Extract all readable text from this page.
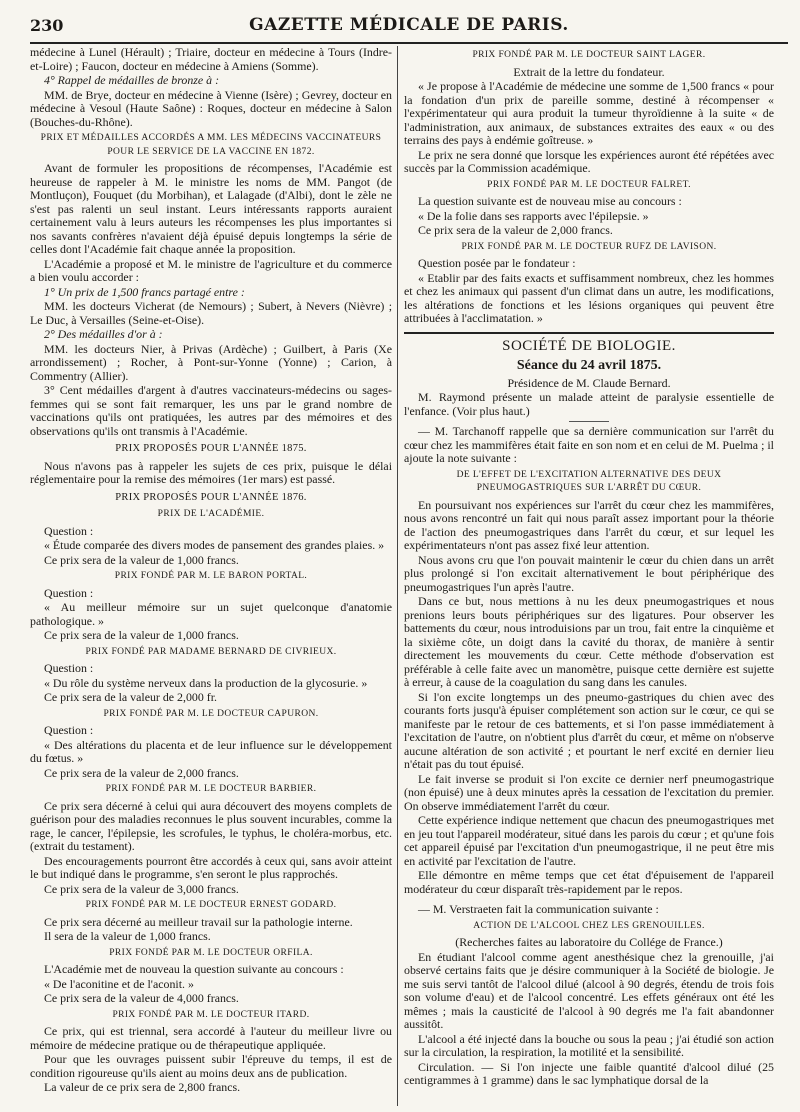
230	GAZETTE MÉDICALE DE PARIS.

médecine à Lunel (Hérault) ; Triaire, docteur en médecine à Tours (Indre-et-Loire) ; Faucon, docteur en médecine à Amiens (Somme).

4° Rappel de médailles de bronze à :

MM. de Brye, docteur en médecine à Vienne (Isère) ; Gevrey, docteur en médecine à Vesoul (Haute Saône) : Roques, docteur en médecine à Salon (Bouches-du-Rhône).

PRIX ET MÉDAILLES ACCORDÉS A MM. LES MÉDECINS VACCINATEURS POUR LE SERVICE DE LA VACCINE EN 1872.

Avant de formuler les propositions de récompenses, l'Académie est heureuse de rappeler à M. le ministre les noms de MM. Pangot (de Montluçon), Fouquet (du Morbihan), et Lalagade (d'Albi), dont le zèle ne s'est pas ralenti un seul instant. Leurs intéressants rapports auraient certainement valu à leurs auteurs les récompenses les plus importantes si nos savants confrères n'avaient déjà épuisé depuis longtemps la série de celles dont l'Académie fait chaque année la proposition.

L'Académie a proposé et M. le ministre de l'agriculture et du commerce a bien voulu accorder :

1° Un prix de 1,500 francs partagé entre :

MM. les docteurs Vicherat (de Nemours) ; Subert, à Nevers (Nièvre) ; Le Duc, à Versailles (Seine-et-Oise).

2° Des médailles d'or à :

MM. les docteurs Nier, à Privas (Ardèche) ; Guilbert, à Paris (Xe arrondissement) ; Rocher, à Pont-sur-Yonne (Yonne) ; Carion, à Commentry (Allier).

3° Cent médailles d'argent à d'autres vaccinateurs-médecins ou sages-femmes qui se sont fait remarquer, les uns par le grand nombre de vaccinations qu'ils ont pratiquées, les autres par des mémoires et des observations qu'ils ont transmis à l'Académie.

PRIX PROPOSÉS POUR L'ANNÉE 1875.

Nous n'avons pas à rappeler les sujets de ces prix, puisque le délai réglementaire pour la remise des mémoires (1er mars) est passé.

PRIX PROPOSÉS POUR L'ANNÉE 1876.

PRIX DE L'ACADÉMIE.

Question :

« Étude comparée des divers modes de pansement des grandes plaies. »

Ce prix sera de la valeur de 1,000 francs.

PRIX FONDÉ PAR M. LE BARON PORTAL.

Question :

« Au meilleur mémoire sur un sujet quelconque d'anatomie pathologique. »

Ce prix sera de la valeur de 1,000 francs.

PRIX FONDÉ PAR MADAME BERNARD DE CIVRIEUX.

Question :

« Du rôle du système nerveux dans la production de la glycosurie. »

Ce prix sera de la valeur de 2,000 fr.

PRIX FONDÉ PAR M. LE DOCTEUR CAPURON.

Question :

« Des altérations du placenta et de leur influence sur le développement du fœtus. »

Ce prix sera de la valeur de 2,000 francs.

PRIX FONDÉ PAR M. LE DOCTEUR BARBIER.

Ce prix sera décerné à celui qui aura découvert des moyens complets de guérison pour des maladies reconnues le plus souvent incurables, comme la rage, le cancer, l'épilepsie, les scrofules, le typhus, le choléra-morbus, etc. (extrait du testament).

Des encouragements pourront être accordés à ceux qui, sans avoir atteint le but indiqué dans le programme, s'en seront le plus rapprochés.

Ce prix sera de la valeur de 3,000 francs.

PRIX FONDÉ PAR M. LE DOCTEUR ERNEST GODARD.

Ce prix sera décerné au meilleur travail sur la pathologie interne.

Il sera de la valeur de 1,000 francs.

PRIX FONDÉ PAR M. LE DOCTEUR ORFILA.

L'Académie met de nouveau la question suivante au concours :

« De l'aconitine et de l'aconit. »

Ce prix sera de la valeur de 4,000 francs.

PRIX FONDÉ PAR M. LE DOCTEUR ITARD.

Ce prix, qui est triennal, sera accordé à l'auteur du meilleur livre ou mémoire de médecine pratique ou de thérapeutique appliquée.

Pour que les ouvrages puissent subir l'épreuve du temps, il est de condition rigoureuse qu'ils aient au moins deux ans de publication.

La valeur de ce prix sera de 2,800 francs.

PRIX FONDÉ PAR M. LE DOCTEUR SAINT LAGER.

Extrait de la lettre du fondateur.

« Je propose à l'Académie de médecine une somme de 1,500 francs « pour la fondation d'un prix de pareille somme, destiné à récompenser « l'expérimentateur qui aura produit la tumeur thyroïdienne à la suite « de l'administration, aux animaux, de substances extraites des eaux « ou des terrains des pays à endémie goîtreuse. »

Le prix ne sera donné que lorsque les expériences auront été répétées avec succès par la Commission académique.

PRIX FONDÉ PAR M. LE DOCTEUR FALRET.

La question suivante est de nouveau mise au concours :

« De la folie dans ses rapports avec l'épilepsie. »

Ce prix sera de la valeur de 2,000 francs.

PRIX FONDÉ PAR M. LE DOCTEUR RUFZ DE LAVISON.

Question posée par le fondateur :

« Etablir par des faits exacts et suffisamment nombreux, chez les hommes et chez les animaux qui passent d'un climat dans un autre, les modifications, les altérations de fonctions et les lésions organiques qui peuvent être attribuées à l'acclimatation. »

SOCIÉTÉ DE BIOLOGIE.

Séance du 24 avril 1875.

Présidence de M. Claude Bernard.

M. Raymond présente un malade atteint de paralysie essentielle de l'enfance. (Voir plus haut.)

— M. Tarchanoff rappelle que sa dernière communication sur l'arrêt du cœur chez les mammifères était faite en son nom et en celui de M. Puelma ; il ajoute la note suivante :

DE L'EFFET DE L'EXCITATION ALTERNATIVE DES DEUX PNEUMOGASTRIQUES SUR L'ARRÊT DU CŒUR.

En poursuivant nos expériences sur l'arrêt du cœur chez les mammifères, nous avons rencontré un fait qui nous paraît assez important pour la théorie de l'action des pneumogastriques dans l'arrêt du cœur, et sur lequel les expérimentateurs n'ont pas assez fixé leur attention.

Nous avons cru que l'on pouvait maintenir le cœur du chien dans un arrêt plus prolongé si l'on excitait alternativement le bout périphérique des pneumogastriques l'un après l'autre.

Dans ce but, nous mettions à nu les deux pneumogastriques et nous prenions leurs bouts périphériques sur des ligatures. Pour observer les battements du cœur, nous introduisions par un trou, fait entre la cinquième et la sixième côte, un doigt dans la cavité du thorax, de manière à sentir directement les mouvements du cœur. Cette méthode d'observation est préférable à celle faite avec un manomètre, puisque cette dernière est sujette à erreur, à cause de la coagulation du sang dans les canules.

Si l'on excite longtemps un des pneumo-gastriques du chien avec des courants forts jusqu'à épuiser complétement son action sur le cœur, ce qui se manifeste par le retour de ces battements, et si l'on passe immédiatement à l'excitation de l'autre, on n'obtient plus d'arrêt du cœur, et même on n'observe aucune altération de son activité ; et pourtant le nerf excité en dernier lieu n'était pas du tout épuisé.

Le fait inverse se produit si l'on excite ce dernier nerf pneumogastrique (non épuisé) une à deux minutes après la cessation de l'excitation du premier. On observe immédiatement l'arrêt du cœur.

Cette expérience indique nettement que chacun des pneumogastriques met en jeu tout l'appareil modérateur, situé dans les parois du cœur ; et qu'une fois cet appareil épuisé par l'excitation d'un pneumogastrique, il ne peut être mis en activité par l'excitation de l'autre.

Elle démontre en même temps que cet état d'épuisement de l'appareil modérateur du cœur disparaît très-rapidement par le repos.

— M. Verstraeten fait la communication suivante :

ACTION DE L'ALCOOL CHEZ LES GRENOUILLES.

(Recherches faites au laboratoire du Collége de France.)

En étudiant l'alcool comme agent anesthésique chez la grenouille, j'ai observé certains faits que je désire communiquer à la Société de biologie. Je me suis servi tantôt de l'alcool dilué (alcool à 90 degrés, étendu de trois fois son volume d'eau) et de l'alcool concentré. Les effets généraux ont été les mêmes ; mais la causticité de l'alcool à 90 degrés me l'a fait abandonner aussitôt.

L'alcool a été injecté dans la bouche ou sous la peau ; j'ai étudié son action sur la circulation, la respiration, la motilité et la sensibilité.

Circulation. — Si l'on injecte une faible quantité d'alcool dilué (25 centigrammes à 1 gramme) dans le sac lymphatique dorsal de la
